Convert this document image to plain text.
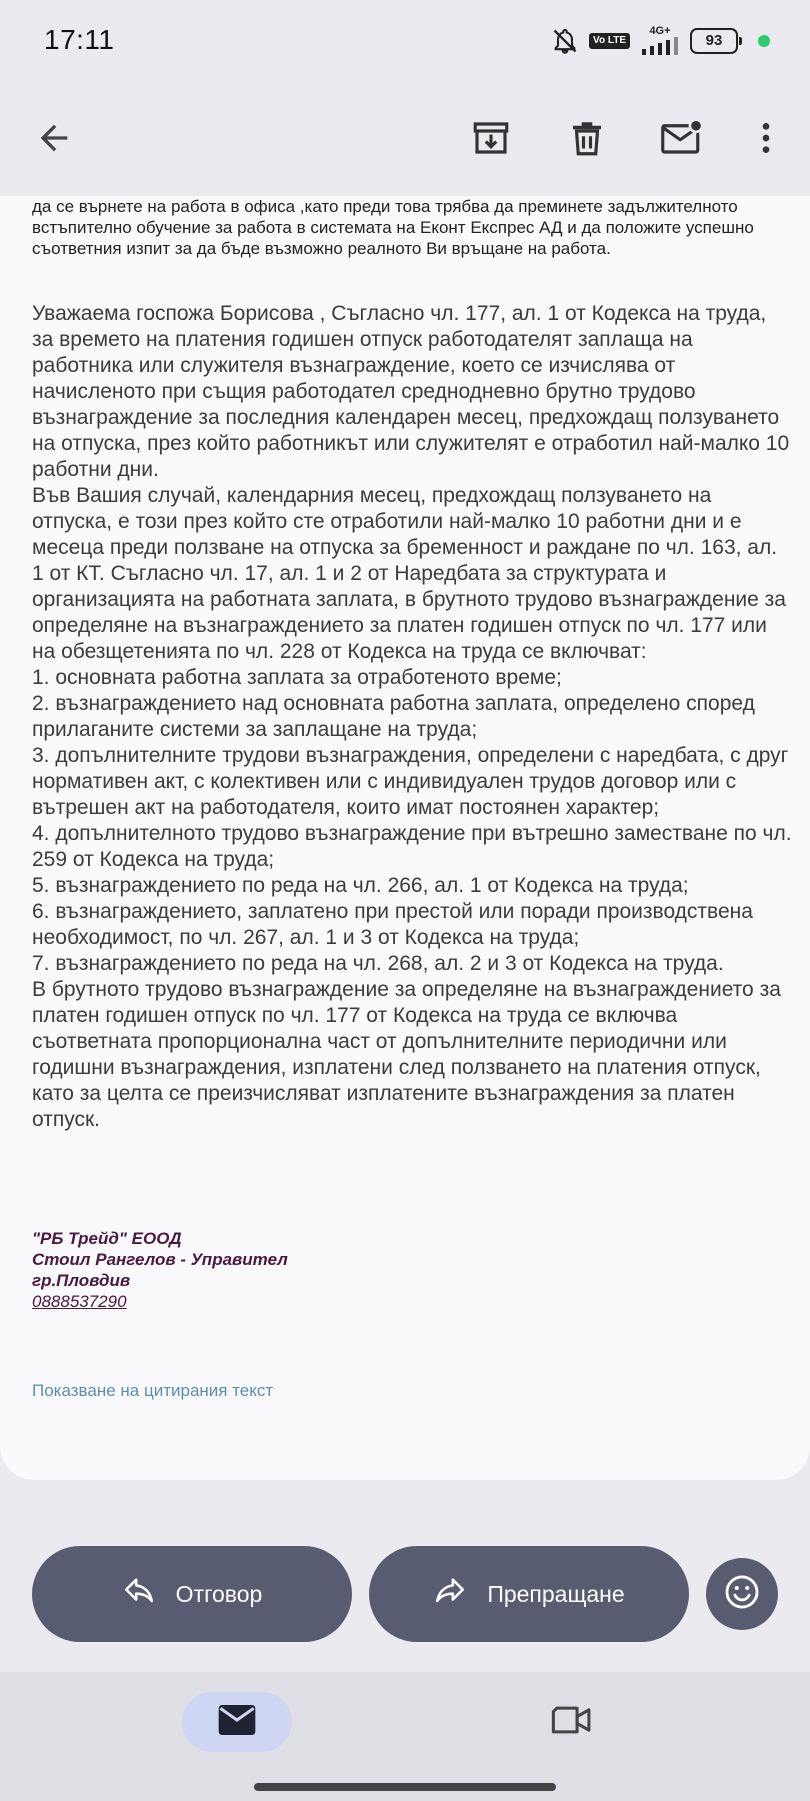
17:11	Vo LTE
4G+
93
да се върнете на работа в офиса ,като преди това трябва да преминете задължителното встъпително обучение за работа в системата на Еконт Експрес АД и да положите успешно съответния изпит за да бъде възможно реалното Ви връщане на работа.

Уважаема госпожа Борисова , Съгласно чл. 177, ал. 1 от Кодекса на труда, за времето на платения годишен отпуск работодателят заплаща на работника или служителя възнаграждение, което се изчислява от начисленото при същия работодател среднодневно брутно трудово възнаграждение за последния календарен месец, предхождащ ползуването на отпуска, през който работникът или служителят е отработил най-малко 10 работни дни.

Във Вашия случай, календарния месец, предхождащ ползуването на отпуска, е този през който сте отработили най-малко 10 работни дни и е месеца преди ползване на отпуска за бременност и раждане по чл. 163, ал. 1 от КТ. Съгласно чл. 17, ал. 1 и 2 от Наредбата за структурата и организацията на работната заплата, в брутното трудово възнаграждение за определяне на възнаграждението за платен годишен отпуск по чл. 177 или на обезщетенията по чл. 228 от Кодекса на труда се включват:

1. основната работна заплата за отработеното време;

2. възнаграждението над основната работна заплата, определено според прилаганите системи за заплащане на труда;

3. допълнителните трудови възнаграждения, определени с наредбата, с друг нормативен акт, с колективен или с индивидуален трудов договор или с вътрешен акт на работодателя, които имат постоянен характер;

4. допълнителното трудово възнаграждение при вътрешно заместване по чл. 259 от Кодекса на труда;

5. възнаграждението по реда на чл. 266, ал. 1 от Кодекса на труда;

6. възнаграждението, заплатено при престой или поради производствена необходимост, по чл. 267, ал. 1 и 3 от Кодекса на труда;

7. възнаграждението по реда на чл. 268, ал. 2 и 3 от Кодекса на труда.

В брутното трудово възнаграждение за определяне на възнаграждението за платен годишен отпуск по чл. 177 от Кодекса на труда се включва съответната пропорционална част от допълнителните периодични или годишни възнаграждения, изплатени след ползването на платения отпуск, като за целта се преизчисляват изплатените възнаграждения за платен отпуск.

"РБ Трейд" ЕООД
Стоил Рангелов - Управител
гр.Пловдив
0888537290
Показване на цитирания текст
Отговор	Препращане
